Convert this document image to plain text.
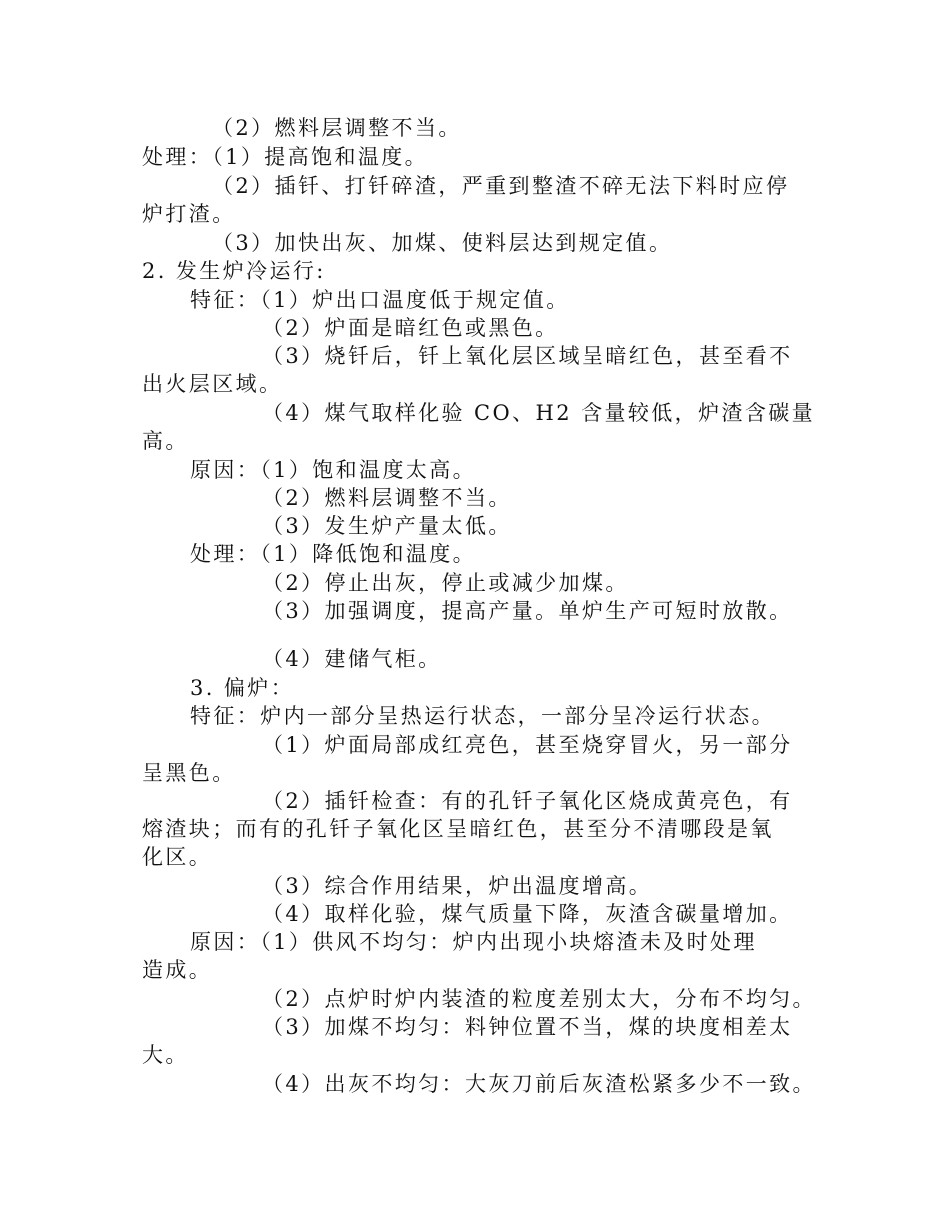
（2）燃料层调整不当。
处理：（1）提高饱和温度。
（2）插钎、打钎碎渣，严重到整渣不碎无法下料时应停
炉打渣。
（3）加快出灰、加煤、使料层达到规定值。
2. 发生炉冷运行:
特征：（1）炉出口温度低于规定值。
（2）炉面是暗红色或黑色。
（3）烧钎后，钎上氧化层区域呈暗红色，甚至看不
出火层区域。
（4）煤气取样化验 CO、H2 含量较低，炉渣含碳量
高。
原因：（1）饱和温度太高。
（2）燃料层调整不当。
（3）发生炉产量太低。
处理：（1）降低饱和温度。
（2）停止出灰，停止或减少加煤。
（3）加强调度，提高产量。单炉生产可短时放散。
（4）建储气柜。
3. 偏炉：
特征：炉内一部分呈热运行状态，一部分呈冷运行状态。
（1）炉面局部成红亮色，甚至烧穿冒火，另一部分
呈黑色。
（2）插钎检查：有的孔钎子氧化区烧成黄亮色，有
熔渣块；而有的孔钎子氧化区呈暗红色，甚至分不清哪段是氧
化区。
（3）综合作用结果，炉出温度增高。
（4）取样化验，煤气质量下降，灰渣含碳量增加。
原因：（1）供风不均匀：炉内出现小块熔渣未及时处理
造成。
（2）点炉时炉内装渣的粒度差别太大，分布不均匀。
（3）加煤不均匀：料钟位置不当，煤的块度相差太
大。
（4）出灰不均匀：大灰刀前后灰渣松紧多少不一致。
